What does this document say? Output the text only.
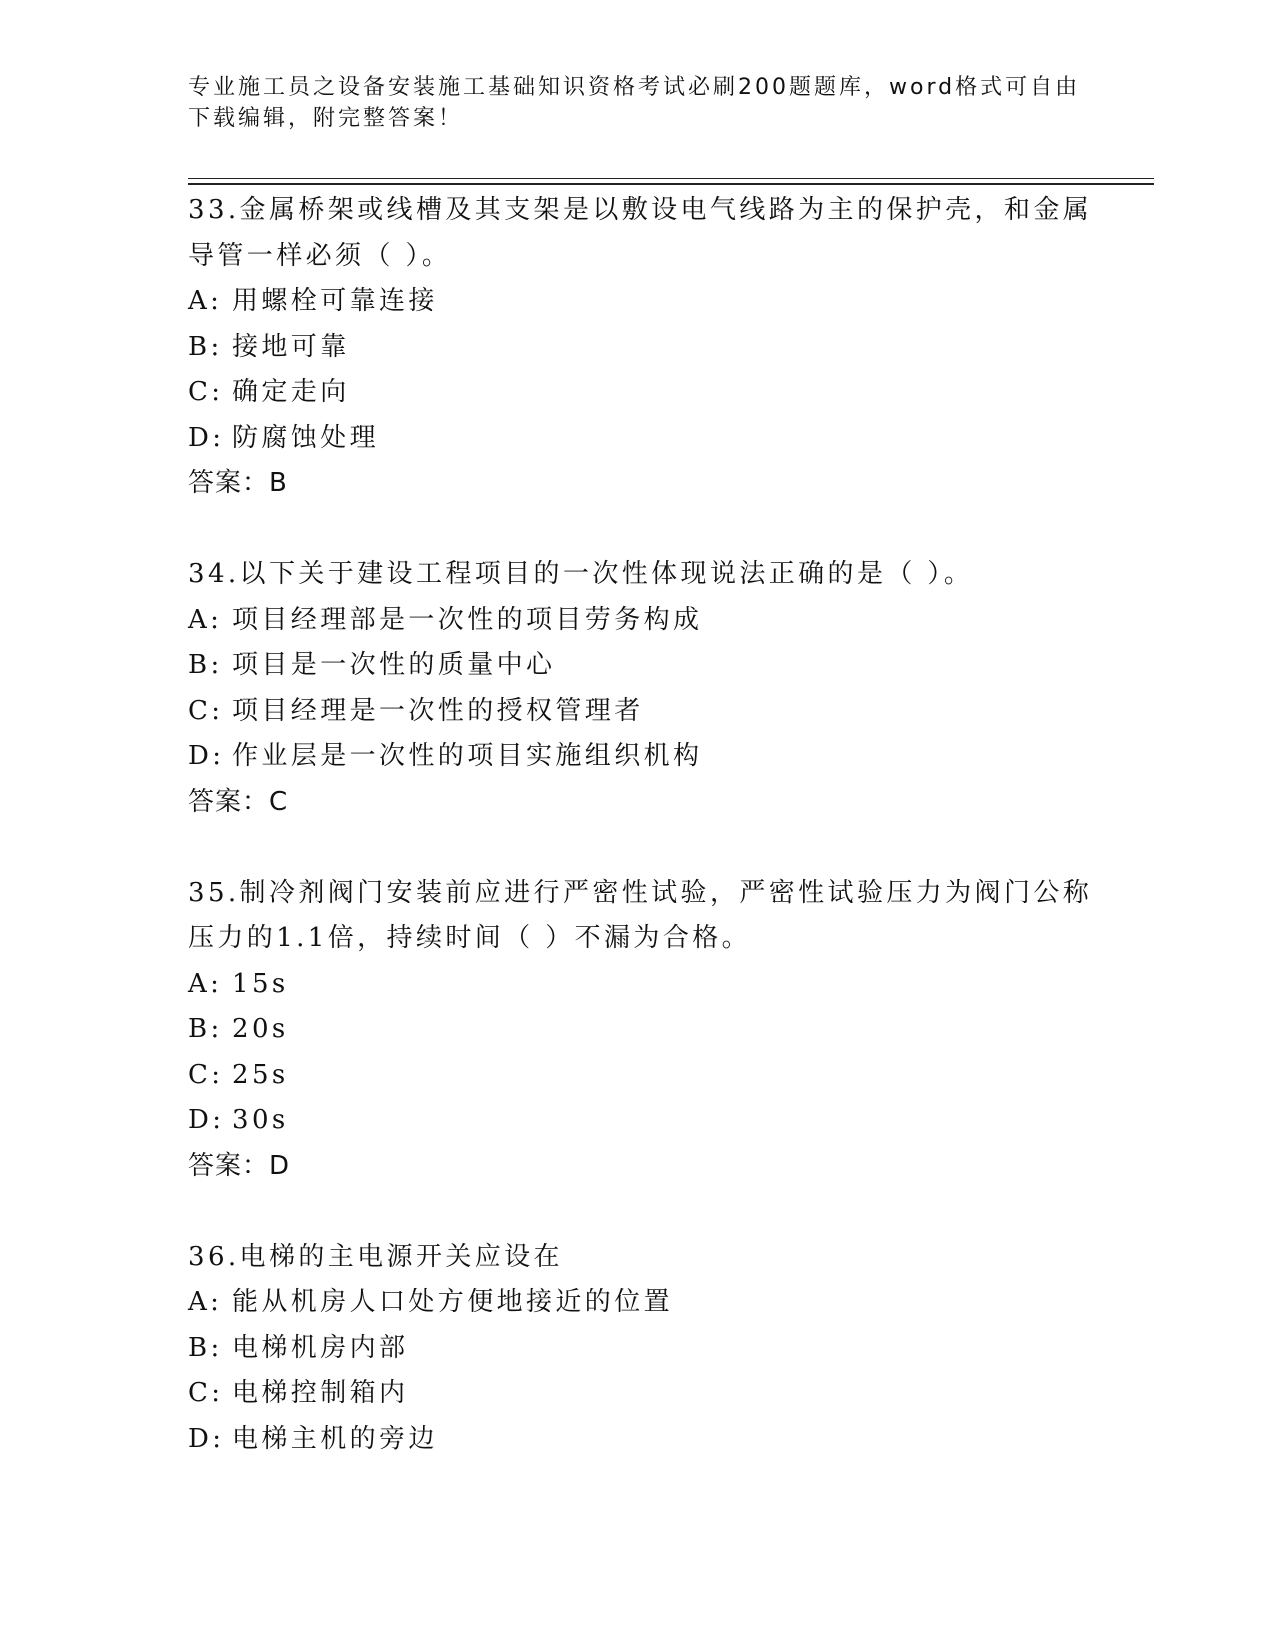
专业施工员之设备安装施工基础知识资格考试必刷200题题库，word格式可自由
下载编辑，附完整答案！
33.金属桥架或线槽及其支架是以敷设电气线路为主的保护壳，和金属
导管一样必须（ ）。
A: 用螺栓可靠连接
B: 接地可靠
C: 确定走向
D: 防腐蚀处理
答案：B
34.以下关于建设工程项目的一次性体现说法正确的是（ ）。
A: 项目经理部是一次性的项目劳务构成
B: 项目是一次性的质量中心
C: 项目经理是一次性的授权管理者
D: 作业层是一次性的项目实施组织机构
答案：C
35.制冷剂阀门安装前应进行严密性试验，严密性试验压力为阀门公称
压力的1.1倍，持续时间（ ）不漏为合格。
A: 15s
B: 20s
C: 25s
D: 30s
答案：D
36.电梯的主电源开关应设在
A: 能从机房人口处方便地接近的位置
B: 电梯机房内部
C: 电梯控制箱内
D: 电梯主机的旁边
